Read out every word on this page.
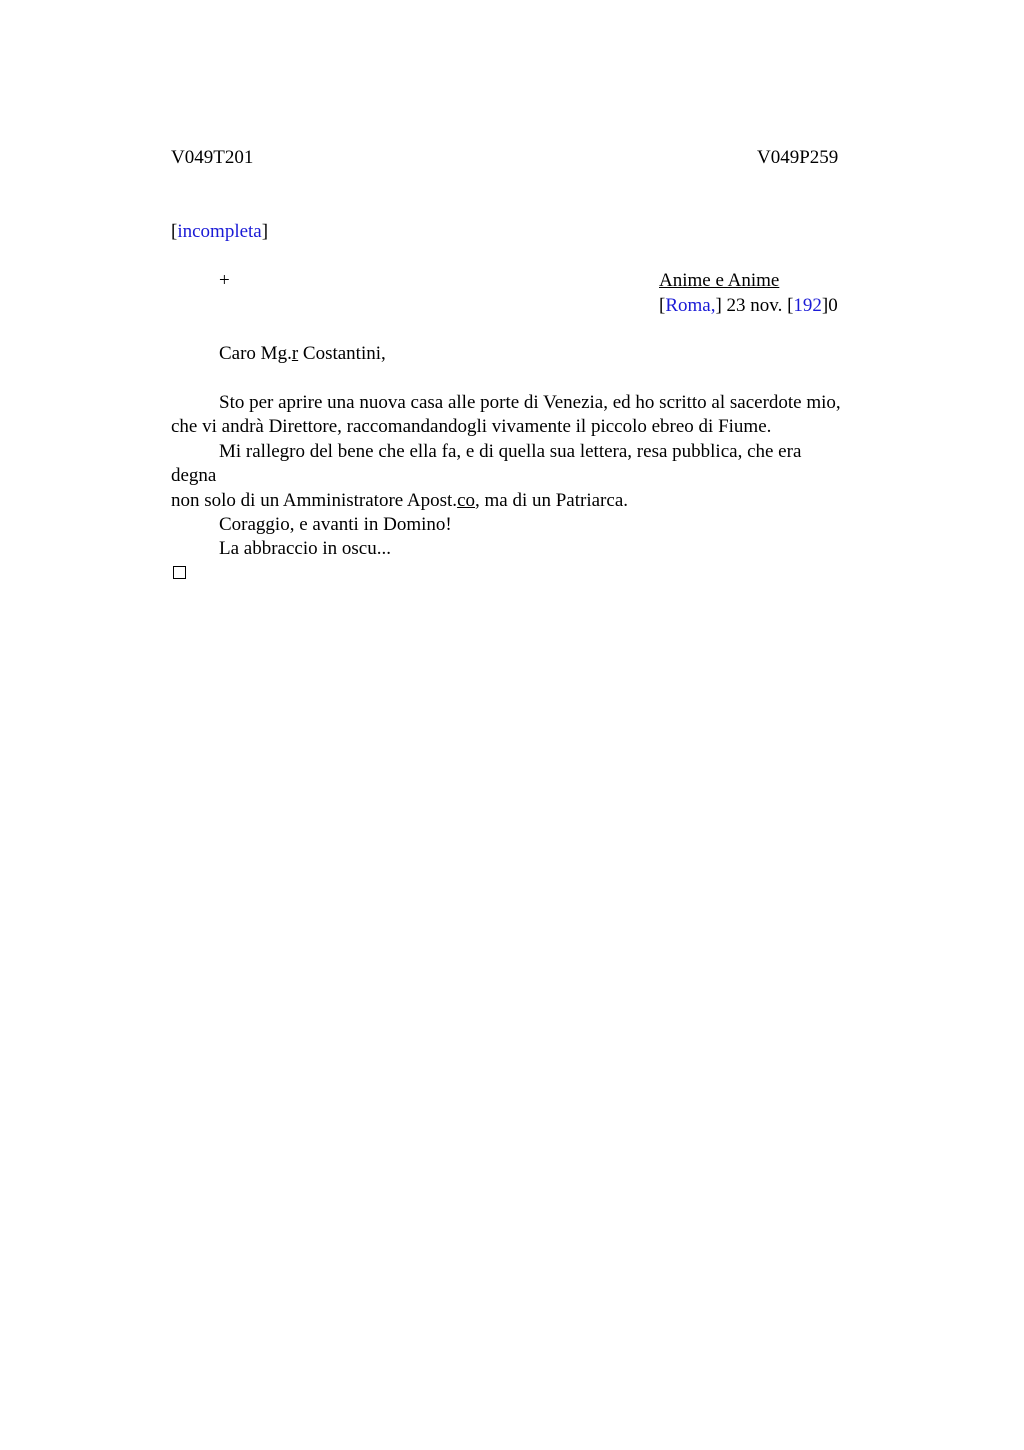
V049T201	V049P259
[incompleta]
+	Anime e Anime
[Roma,] 23 nov. [192]0
Caro Mg.r Costantini,
Sto per aprire una nuova casa alle porte di Venezia, ed ho scritto al sacerdote mio,
che vi andrà Direttore, raccomandandogli vivamente il piccolo ebreo di Fiume.
Mi rallegro del bene che ella fa, e di quella sua lettera, resa pubblica, che era
degna
non solo di un Amministratore Apost.co, ma di un Patriarca.
Coraggio, e avanti in Domino!
La abbraccio in oscu...
